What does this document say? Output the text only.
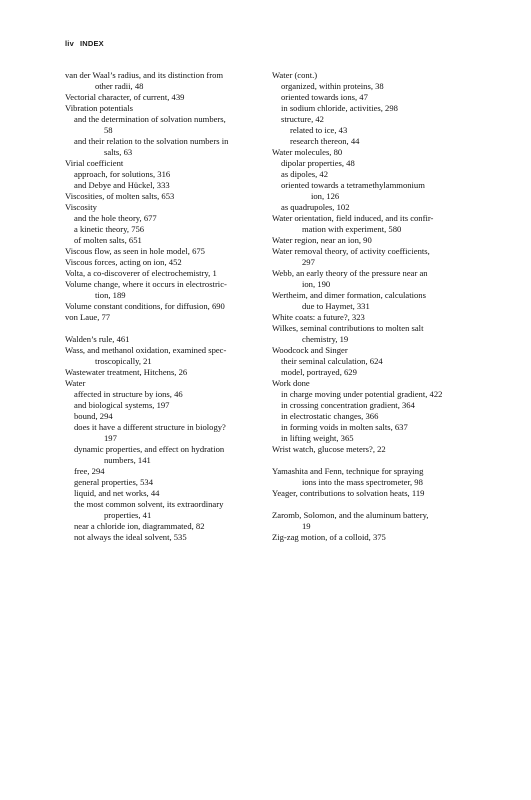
liv INDEX
van der Waal’s radius, and its distinction from
other radii, 48
Vectorial character, of current, 439
Vibration potentials
and the determination of solvation numbers,
58
and their relation to the solvation numbers in
salts, 63
Virial coefficient
approach, for solutions, 316
and Debye and Hückel, 333
Viscosities, of molten salts, 653
Viscosity
and the hole theory, 677
a kinetic theory, 756
of molten salts, 651
Viscous flow, as seen in hole model, 675
Viscous forces, acting on ion, 452
Volta, a co-discoverer of electrochemistry, 1
Volume change, where it occurs in electrostric-
tion, 189
Volume constant conditions, for diffusion, 690
von Laue, 77
Walden’s rule, 461
Wass, and methanol oxidation, examined spec-
troscopically, 21
Wastewater treatment, Hitchens, 26
Water
affected in structure by ions, 46
and biological systems, 197
bound, 294
does it have a different structure in biology?
197
dynamic properties, and effect on hydration
numbers, 141
free, 294
general properties, 534
liquid, and net works, 44
the most common solvent, its extraordinary
properties, 41
near a chloride ion, diagrammated, 82
not always the ideal solvent, 535
Water (cont.)
organized, within proteins, 38
oriented towards ions, 47
in sodium chloride, activities, 298
structure, 42
related to ice, 43
research thereon, 44
Water molecules, 80
dipolar properties, 48
as dipoles, 42
oriented towards a tetramethylammonium
ion, 126
as quadrupoles, 102
Water orientation, field induced, and its confir-
mation with experiment, 580
Water region, near an ion, 90
Water removal theory, of activity coefficients,
297
Webb, an early theory of the pressure near an
ion, 190
Wertheim, and dimer formation, calculations
due to Haymet, 331
White coats: a future?, 323
Wilkes, seminal contributions to molten salt
chemistry, 19
Woodcock and Singer
their seminal calculation, 624
model, portrayed, 629
Work done
in charge moving under potential gradient, 422
in crossing concentration gradient, 364
in electrostatic changes, 366
in forming voids in molten salts, 637
in lifting weight, 365
Wrist watch, glucose meters?, 22
Yamashita and Fenn, technique for spraying
ions into the mass spectrometer, 98
Yeager, contributions to solvation heats, 119
Zaromb, Solomon, and the aluminum battery,
19
Zig-zag motion, of a colloid, 375
